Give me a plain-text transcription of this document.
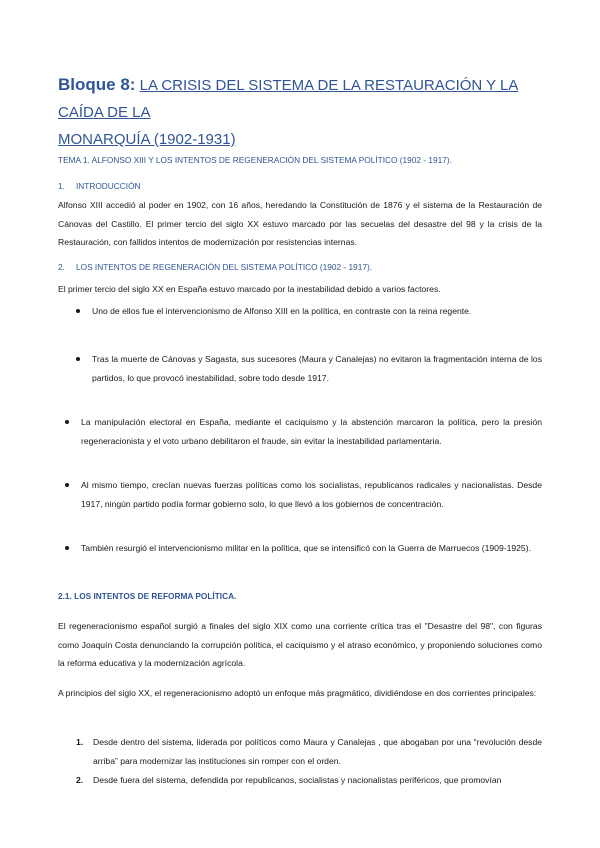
Bloque 8: LA CRISIS DEL SISTEMA DE LA RESTAURACIÓN Y LA CAÍDA DE LA
MONARQUÍA (1902-1931)
TEMA 1. ALFONSO XIII Y LOS INTENTOS DE REGENERACIÓN DEL SISTEMA POLÍTICO (1902 - 1917).
1. INTRODUCCIÓN
Alfonso XIII accedió al poder en 1902, con 16 años, heredando la Constitución de 1876 y el sistema de la Restauración de Cánovas del Castillo. El primer tercio del siglo XX estuvo marcado por las secuelas del desastre del 98 y la crisis de la Restauración, con fallidos intentos de modernización por resistencias internas.
2. LOS INTENTOS DE REGENERACIÓN DEL SISTEMA POLÍTICO (1902 - 1917).
El primer tercio del siglo XX en España estuvo marcado por la inestabilidad debido a varios factores.
Uno de ellos fue el intervencionismo de Alfonso XIII en la política, en contraste con la reina regente.
Tras la muerte de Cánovas y Sagasta, sus sucesores (Maura y Canalejas) no evitaron la fragmentación interna de los partidos, lo que provocó inestabilidad, sobre todo desde 1917.
La manipulación electoral en España, mediante el caciquismo y la abstención marcaron la política, pero la presión regeneracionista y el voto urbano debilitaron el fraude, sin evitar la inestabilidad parlamentaria.
Al mismo tiempo, crecían nuevas fuerzas políticas como los socialistas, republicanos radicales y nacionalistas. Desde 1917, ningún partido podía formar gobierno solo, lo que llevó a los gobiernos de concentración.
También resurgió el intervencionismo militar en la política, que se intensificó con la Guerra de Marruecos (1909-1925).
2.1. LOS INTENTOS DE REFORMA POLÍTICA.
El regeneracionismo español surgió a finales del siglo XIX como una corriente crítica tras el "Desastre del 98", con figuras como Joaquín Costa denunciando la corrupción política, el caciquismo y el atraso económico, y proponiendo soluciones como la reforma educativa y la modernización agrícola.
A principios del siglo XX, el regeneracionismo adoptó un enfoque más pragmático, dividiéndose en dos corrientes principales:
1. Desde dentro del sistema, liderada por políticos como Maura y Canalejas , que abogaban por una “revolución desde arriba” para modernizar las instituciones sin romper con el orden.
2. Desde fuera del sistema, defendida por republicanos, socialistas y nacionalistas periféricos, que promovían
